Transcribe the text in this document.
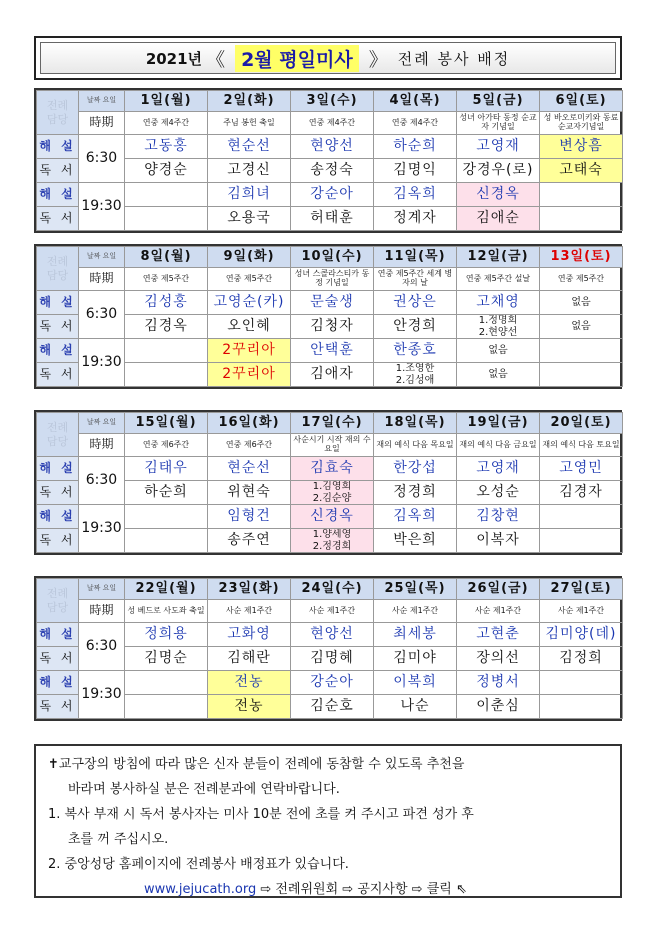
2021년 《 2월 평일미사 》 전례 봉사 배정
전례
담당	날짜 요일	1일(월)	2일(화)	3일(수)	4일(목)	5일(금)	6일(토)
	時期	연중 제4주간	주님 봉헌 축일	연중 제4주간	연중 제4주간	성녀 아가타 동정 순교자 기념일	성 바오로미키와 동료순교자기념일
해 설	6:30	고동홍	현순선	현양선	하순희	고영재	변상흠
독 서		양경순	고경신	송정숙	김명익	강경우(로)	고태숙
해 설	19:30		김희녀	강순아	김옥희	신경옥	
독 서			오용국	허태훈	정계자	김애순	
전례
담당	날짜 요일	8일(월)	9일(화)	10일(수)	11일(목)	12일(금)	13일(토)
	時期	연중 제5주간	연중 제5주간	성녀 스콜라스티카 동정 기념일	연중 제5주간 세계 병자의 날	연중 제5주간 설날	연중 제5주간
해 설	6:30	김성홍	고영순(카)	문술생	권상은	고채영	없음
독 서		김경옥	오인혜	김청자	안경희	1.정명희
2.현양선	없음
해 설	19:30		2꾸리아	안택훈	한종호	없음	
독 서			2꾸리아	김애자	1.조영한
2.김성애	없음	
전례
담당	날짜 요일	15일(월)	16일(화)	17일(수)	18일(목)	19일(금)	20일(토)
	時期	연중 제6주간	연중 제6주간	사순시기 시작 재의 수요일	재의 예식 다음 목요일	재의 예식 다음 금요일	재의 예식 다음 토요일
해 설	6:30	김태우	현순선	김효숙	한강섭	고영재	고영민
독 서		하순희	위현숙	1.김영희
2.김순양	정경희	오성순	김경자
해 설	19:30		임형건	신경옥	김옥희	김창현	
독 서			송주연	1.양세영
2.정경희	박은희	이복자	
전례
담당	날짜 요일	22일(월)	23일(화)	24일(수)	25일(목)	26일(금)	27일(토)
	時期	성 베드로 사도좌 축일	사순 제1주간	사순 제1주간	사순 제1주간	사순 제1주간	사순 제1주간
해 설	6:30	정희용	고화영	현양선	최세봉	고현춘	김미양(데)
독 서		김명순	김해란	김명혜	김미야	장의선	김정희
해 설	19:30		전농	강순아	이복희	정병서	
독 서			전농	김순호	나순	이춘심	
✝교구장의 방침에 따라 많은 신자 분들이 전례에 동참할 수 있도록 추천을
바라며 봉사하실 분은 전례분과에 연락바랍니다.
1. 복사 부재 시 독서 봉사자는 미사 10분 전에 초를 켜 주시고 파견 성가 후
초를 꺼 주십시오.
2. 중앙성당 홈페이지에 전례봉사 배정표가 있습니다.
www.jejucath.org ⇨ 전례위원회 ⇨ 공지사항 ⇨ 클릭 ⇖
